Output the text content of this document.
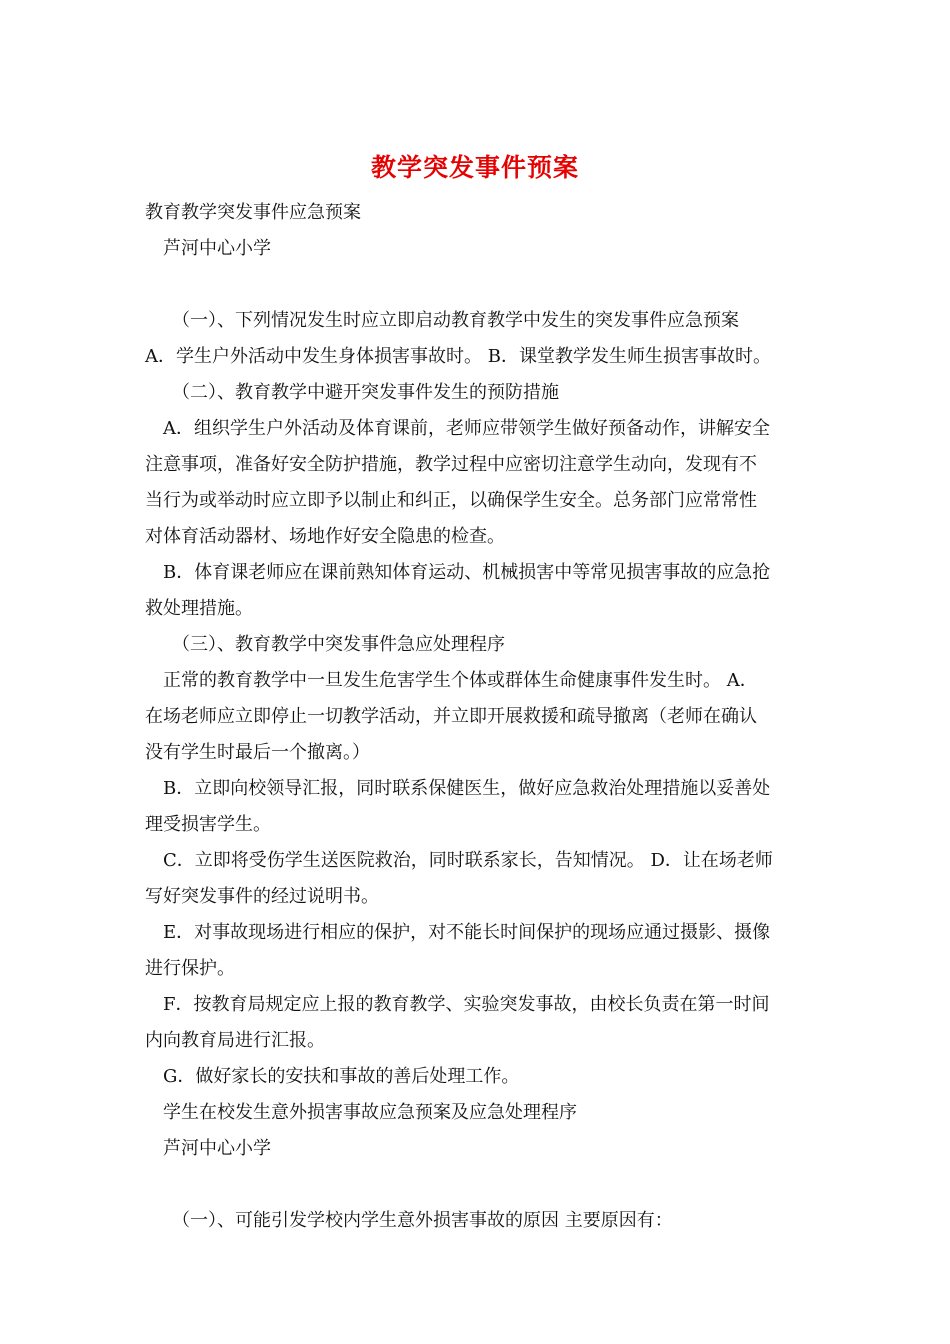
教学突发事件预案
教育教学突发事件应急预案
芦河中心小学
（一）、下列情况发生时应立即启动教育教学中发生的突发事件应急预案
A．学生户外活动中发生身体损害事故时。 B．课堂教学发生师生损害事故时。
（二）、教育教学中避开突发事件发生的预防措施
A．组织学生户外活动及体育课前，老师应带领学生做好预备动作，讲解安全
注意事项，准备好安全防护措施，教学过程中应密切注意学生动向，发现有不
当行为或举动时应立即予以制止和纠正，以确保学生安全。总务部门应常常性
对体育活动器材、场地作好安全隐患的检查。
B．体育课老师应在课前熟知体育运动、机械损害中等常见损害事故的应急抢
救处理措施。
（三）、教育教学中突发事件急应处理程序
正常的教育教学中一旦发生危害学生个体或群体生命健康事件发生时。 A．
在场老师应立即停止一切教学活动，并立即开展救援和疏导撤离（老师在确认
没有学生时最后一个撤离。）
B．立即向校领导汇报，同时联系保健医生，做好应急救治处理措施以妥善处
理受损害学生。
C．立即将受伤学生送医院救治，同时联系家长，告知情况。 D．让在场老师
写好突发事件的经过说明书。
E．对事故现场进行相应的保护，对不能长时间保护的现场应通过摄影、摄像
进行保护。
F．按教育局规定应上报的教育教学、实验突发事故，由校长负责在第一时间
内向教育局进行汇报。
G．做好家长的安扶和事故的善后处理工作。
学生在校发生意外损害事故应急预案及应急处理程序
芦河中心小学
（一）、可能引发学校内学生意外损害事故的原因 主要原因有：
